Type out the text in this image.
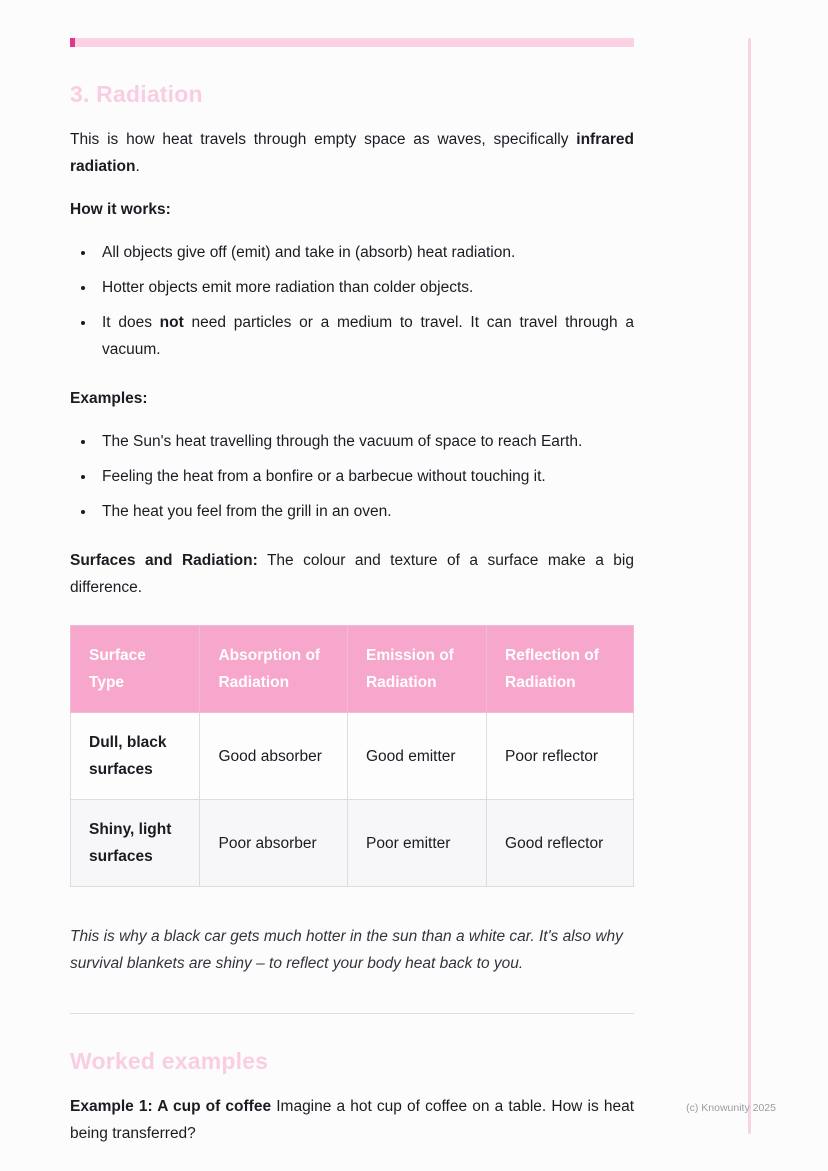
3. Radiation

This is how heat travels through empty space as waves, specifically infrared radiation.

How it works:

• All objects give off (emit) and take in (absorb) heat radiation.
• Hotter objects emit more radiation than colder objects.
• It does not need particles or a medium to travel. It can travel through a vacuum.

Examples:

• The Sun's heat travelling through the vacuum of space to reach Earth.
• Feeling the heat from a bonfire or a barbecue without touching it.
• The heat you feel from the grill in an oven.

Surfaces and Radiation: The colour and texture of a surface make a big difference.

Surface Type	Absorption of Radiation	Emission of Radiation	Reflection of Radiation
Dull, black surfaces	Good absorber	Good emitter	Poor reflector
Shiny, light surfaces	Poor absorber	Poor emitter	Good reflector

This is why a black car gets much hotter in the sun than a white car. It's also why survival blankets are shiny – to reflect your body heat back to you.

Worked examples

Example 1: A cup of coffee Imagine a hot cup of coffee on a table. How is heat being transferred?

(c) Knowunity 2025
